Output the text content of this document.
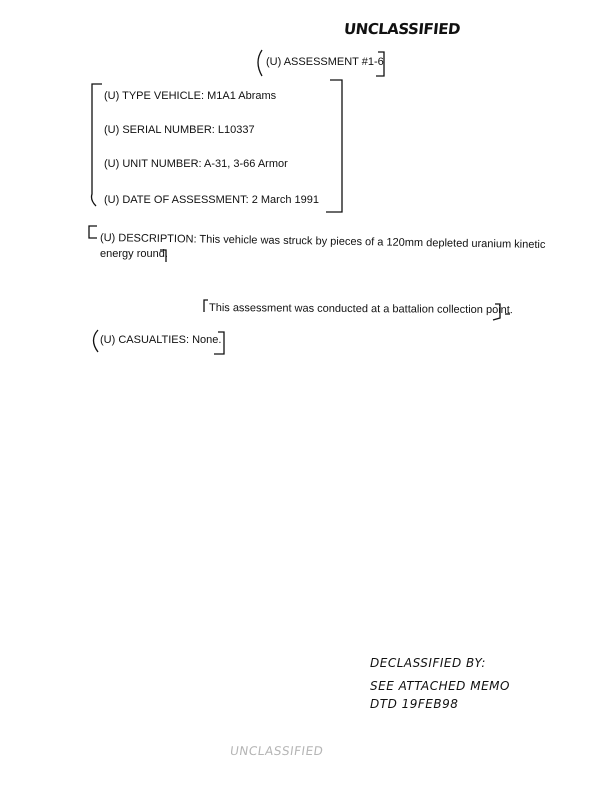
UNCLASSIFIED
(U) ASSESSMENT #1-6
(U) TYPE VEHICLE: M1A1 Abrams
(U) SERIAL NUMBER: L10337
(U) UNIT NUMBER: A-31, 3-66 Armor
(U) DATE OF ASSESSMENT: 2 March 1991
(U) DESCRIPTION: This vehicle was struck by pieces of a 120mm depleted uranium kinetic
energy round.
This assessment was conducted at a battalion collection point.
(U) CASUALTIES: None.
DECLASSIFIED BY:
SEE ATTACHED MEMO
DTD 19FEB98
UNCLASSIFIED
